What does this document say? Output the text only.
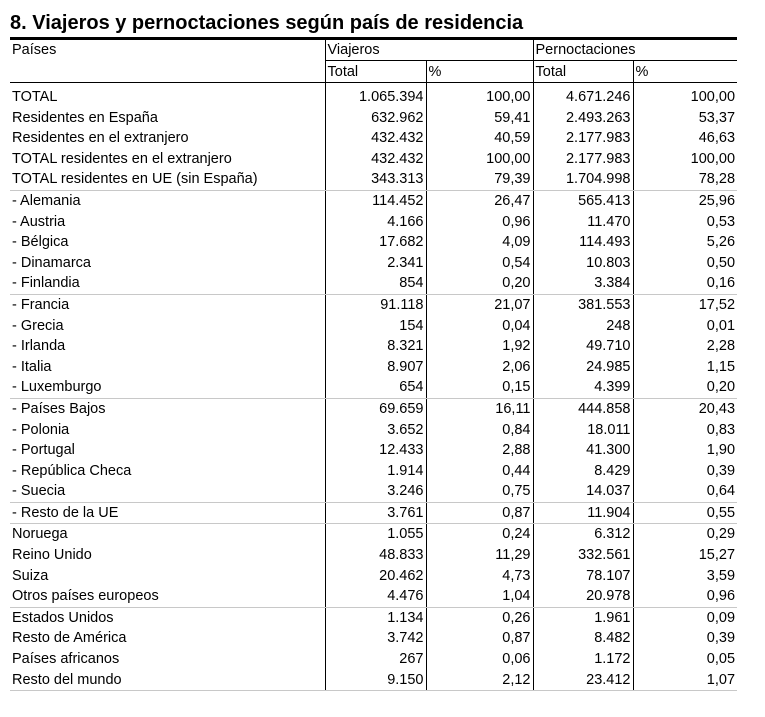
8. Viajeros y pernoctaciones según país de residencia
Países	Viajeros		Pernoctaciones	
	Total	%	Total	%

TOTAL	1.065.394	100,00	4.671.246	100,00
Residentes en España	632.962	59,41	2.493.263	53,37
Residentes en el extranjero	432.432	40,59	2.177.983	46,63
TOTAL residentes en el extranjero	432.432	100,00	2.177.983	100,00
TOTAL residentes en UE (sin España)	343.313	79,39	1.704.998	78,28
- Alemania	114.452	26,47	565.413	25,96
- Austria	4.166	0,96	11.470	0,53
- Bélgica	17.682	4,09	114.493	5,26
- Dinamarca	2.341	0,54	10.803	0,50
- Finlandia	854	0,20	3.384	0,16
- Francia	91.118	21,07	381.553	17,52
- Grecia	154	0,04	248	0,01
- Irlanda	8.321	1,92	49.710	2,28
- Italia	8.907	2,06	24.985	1,15
- Luxemburgo	654	0,15	4.399	0,20
- Países Bajos	69.659	16,11	444.858	20,43
- Polonia	3.652	0,84	18.011	0,83
- Portugal	12.433	2,88	41.300	1,90
- República Checa	1.914	0,44	8.429	0,39
- Suecia	3.246	0,75	14.037	0,64
- Resto de la UE	3.761	0,87	11.904	0,55
Noruega	1.055	0,24	6.312	0,29
Reino Unido	48.833	11,29	332.561	15,27
Suiza	20.462	4,73	78.107	3,59
Otros países europeos	4.476	1,04	20.978	0,96
Estados Unidos	1.134	0,26	1.961	0,09
Resto de América	3.742	0,87	8.482	0,39
Países africanos	267	0,06	1.172	0,05
Resto del mundo	9.150	2,12	23.412	1,07
